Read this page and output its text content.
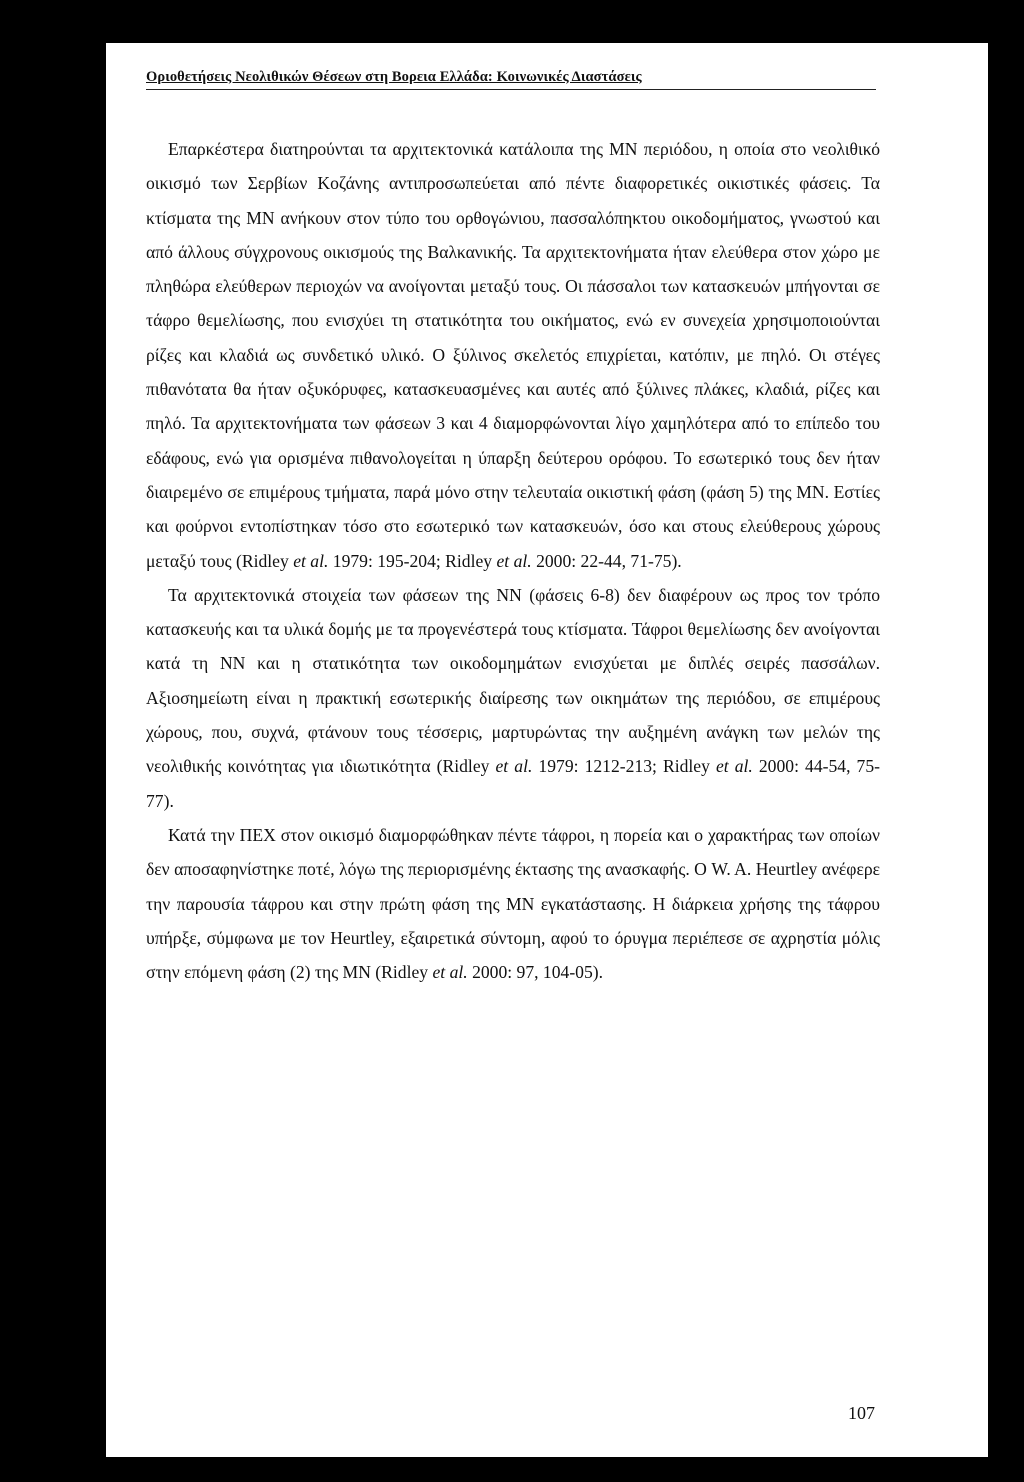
Οριοθετήσεις Νεολιθικών Θέσεων στη Βορεια Ελλάδα: Κοινωνικές Διαστάσεις

Επαρκέστερα διατηρούνται τα αρχιτεκτονικά κατάλοιπα της ΜΝ περιόδου, η οποία στο νεολιθικό οικισμό των Σερβίων Κοζάνης αντιπροσωπεύεται από πέντε διαφορετικές οικιστικές φάσεις. Τα κτίσματα της ΜΝ ανήκουν στον τύπο του ορθογώνιου, πασσαλόπηκτου οικοδομήματος, γνωστού και από άλλους σύγχρονους οικισμούς της Βαλκανικής. Τα αρχιτεκτονήματα ήταν ελεύθερα στον χώρο με πληθώρα ελεύθερων περιοχών να ανοίγονται μεταξύ τους. Οι πάσσαλοι των κατασκευών μπήγονται σε τάφρο θεμελίωσης, που ενισχύει τη στατικότητα του οικήματος, ενώ εν συνεχεία χρησιμοποιούνται ρίζες και κλαδιά ως συνδετικό υλικό. Ο ξύλινος σκελετός επιχρίεται, κατόπιν, με πηλό. Οι στέγες πιθανότατα θα ήταν οξυκόρυφες, κατασκευασμένες και αυτές από ξύλινες πλάκες, κλαδιά, ρίζες και πηλό. Τα αρχιτεκτονήματα των φάσεων 3 και 4 διαμορφώνονται λίγο χαμηλότερα από το επίπεδο του εδάφους, ενώ για ορισμένα πιθανολογείται η ύπαρξη δεύτερου ορόφου. Το εσωτερικό τους δεν ήταν διαιρεμένο σε επιμέρους τμήματα, παρά μόνο στην τελευταία οικιστική φάση (φάση 5) της ΜΝ. Εστίες και φούρνοι εντοπίστηκαν τόσο στο εσωτερικό των κατασκευών, όσο και στους ελεύθερους χώρους μεταξύ τους (Ridley et al. 1979: 195-204; Ridley et al. 2000: 22-44, 71-75).

Τα αρχιτεκτονικά στοιχεία των φάσεων της ΝΝ (φάσεις 6-8) δεν διαφέρουν ως προς τον τρόπο κατασκευής και τα υλικά δομής με τα προγενέστερά τους κτίσματα. Τάφροι θεμελίωσης δεν ανοίγονται κατά τη ΝΝ και η στατικότητα των οικοδομημάτων ενισχύεται με διπλές σειρές πασσάλων. Αξιοσημείωτη είναι η πρακτική εσωτερικής διαίρεσης των οικημάτων της περιόδου, σε επιμέρους χώρους, που, συχνά, φτάνουν τους τέσσερις, μαρτυρώντας την αυξημένη ανάγκη των μελών της νεολιθικής κοινότητας για ιδιωτικότητα (Ridley et al. 1979: 1212-213; Ridley et al. 2000: 44-54, 75-77).

Κατά την ΠΕΧ στον οικισμό διαμορφώθηκαν πέντε τάφροι, η πορεία και ο χαρακτήρας των οποίων δεν αποσαφηνίστηκε ποτέ, λόγω της περιορισμένης έκτασης της ανασκαφής. Ο W. A. Heurtley ανέφερε την παρουσία τάφρου και στην πρώτη φάση της ΜΝ εγκατάστασης. Η διάρκεια χρήσης της τάφρου υπήρξε, σύμφωνα με τον Heurtley, εξαιρετικά σύντομη, αφού το όρυγμα περιέπεσε σε αχρηστία μόλις στην επόμενη φάση (2) της ΜΝ (Ridley et al. 2000: 97, 104-05).

107
